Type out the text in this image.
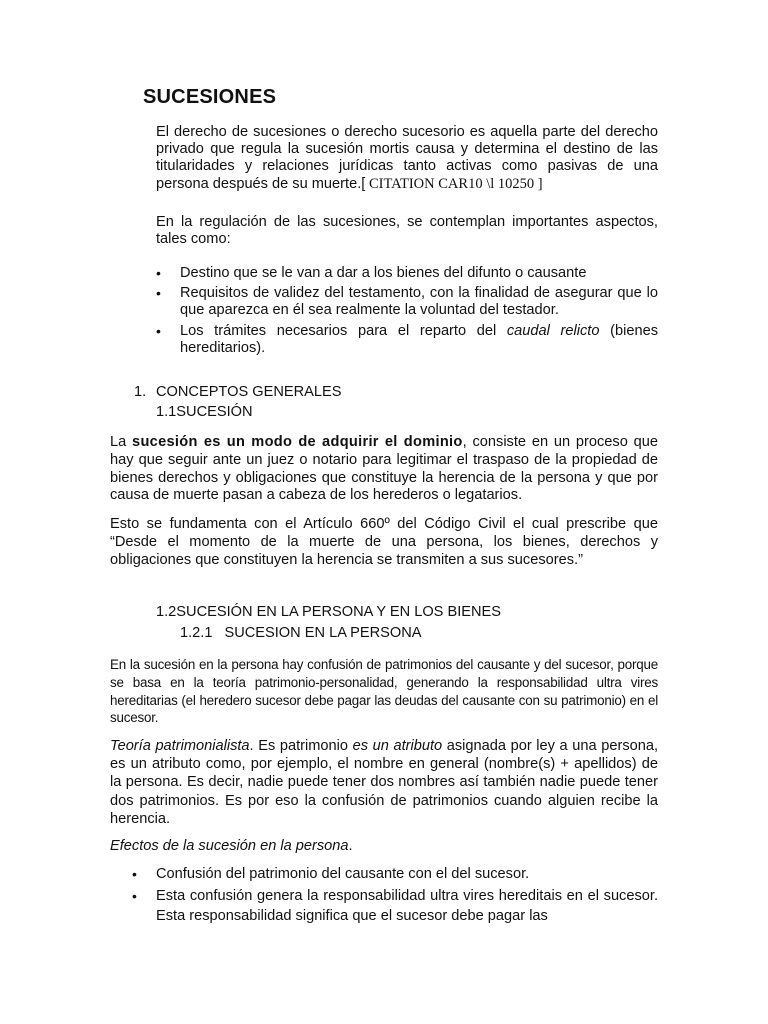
SUCESIONES
El derecho de sucesiones o derecho sucesorio es aquella parte del derecho privado que regula la sucesión mortis causa y determina el destino de las titularidades y relaciones jurídicas tanto activas como pasivas de una persona después de su muerte.[ CITATION CAR10 \l 10250 ]
En la regulación de las sucesiones, se contemplan importantes aspectos, tales como:
• Destino que se le van a dar a los bienes del difunto o causante
• Requisitos de validez del testamento, con la finalidad de asegurar que lo que aparezca en él sea realmente la voluntad del testador.
• Los trámites necesarios para el reparto del caudal relicto (bienes hereditarios).
1. CONCEPTOS GENERALES
1.1SUCESIÓN
La sucesión es un modo de adquirir el dominio, consiste en un proceso que hay que seguir ante un juez o notario para legitimar el traspaso de la propiedad de bienes derechos y obligaciones que constituye la herencia de la persona y que por causa de muerte pasan a cabeza de los herederos o legatarios.
Esto se fundamenta con el Artículo 660º del Código Civil el cual prescribe que “Desde el momento de la muerte de una persona, los bienes, derechos y obligaciones que constituyen la herencia se transmiten a sus sucesores.”
1.2SUCESIÓN EN LA PERSONA Y EN LOS BIENES
1.2.1 SUCESION EN LA PERSONA
En la sucesión en la persona hay confusión de patrimonios del causante y del sucesor, porque se basa en la teoría patrimonio-personalidad, generando la responsabilidad ultra vires hereditarias (el heredero sucesor debe pagar las deudas del causante con su patrimonio) en el sucesor.
Teoría patrimonialista. Es patrimonio es un atributo asignada por ley a una persona, es un atributo como, por ejemplo, el nombre en general (nombre(s) + apellidos) de la persona. Es decir, nadie puede tener dos nombres así también nadie puede tener dos patrimonios. Es por eso la confusión de patrimonios cuando alguien recibe la herencia.
Efectos de la sucesión en la persona.
• Confusión del patrimonio del causante con el del sucesor.
• Esta confusión genera la responsabilidad ultra vires hereditais en el sucesor. Esta responsabilidad significa que el sucesor debe pagar las
